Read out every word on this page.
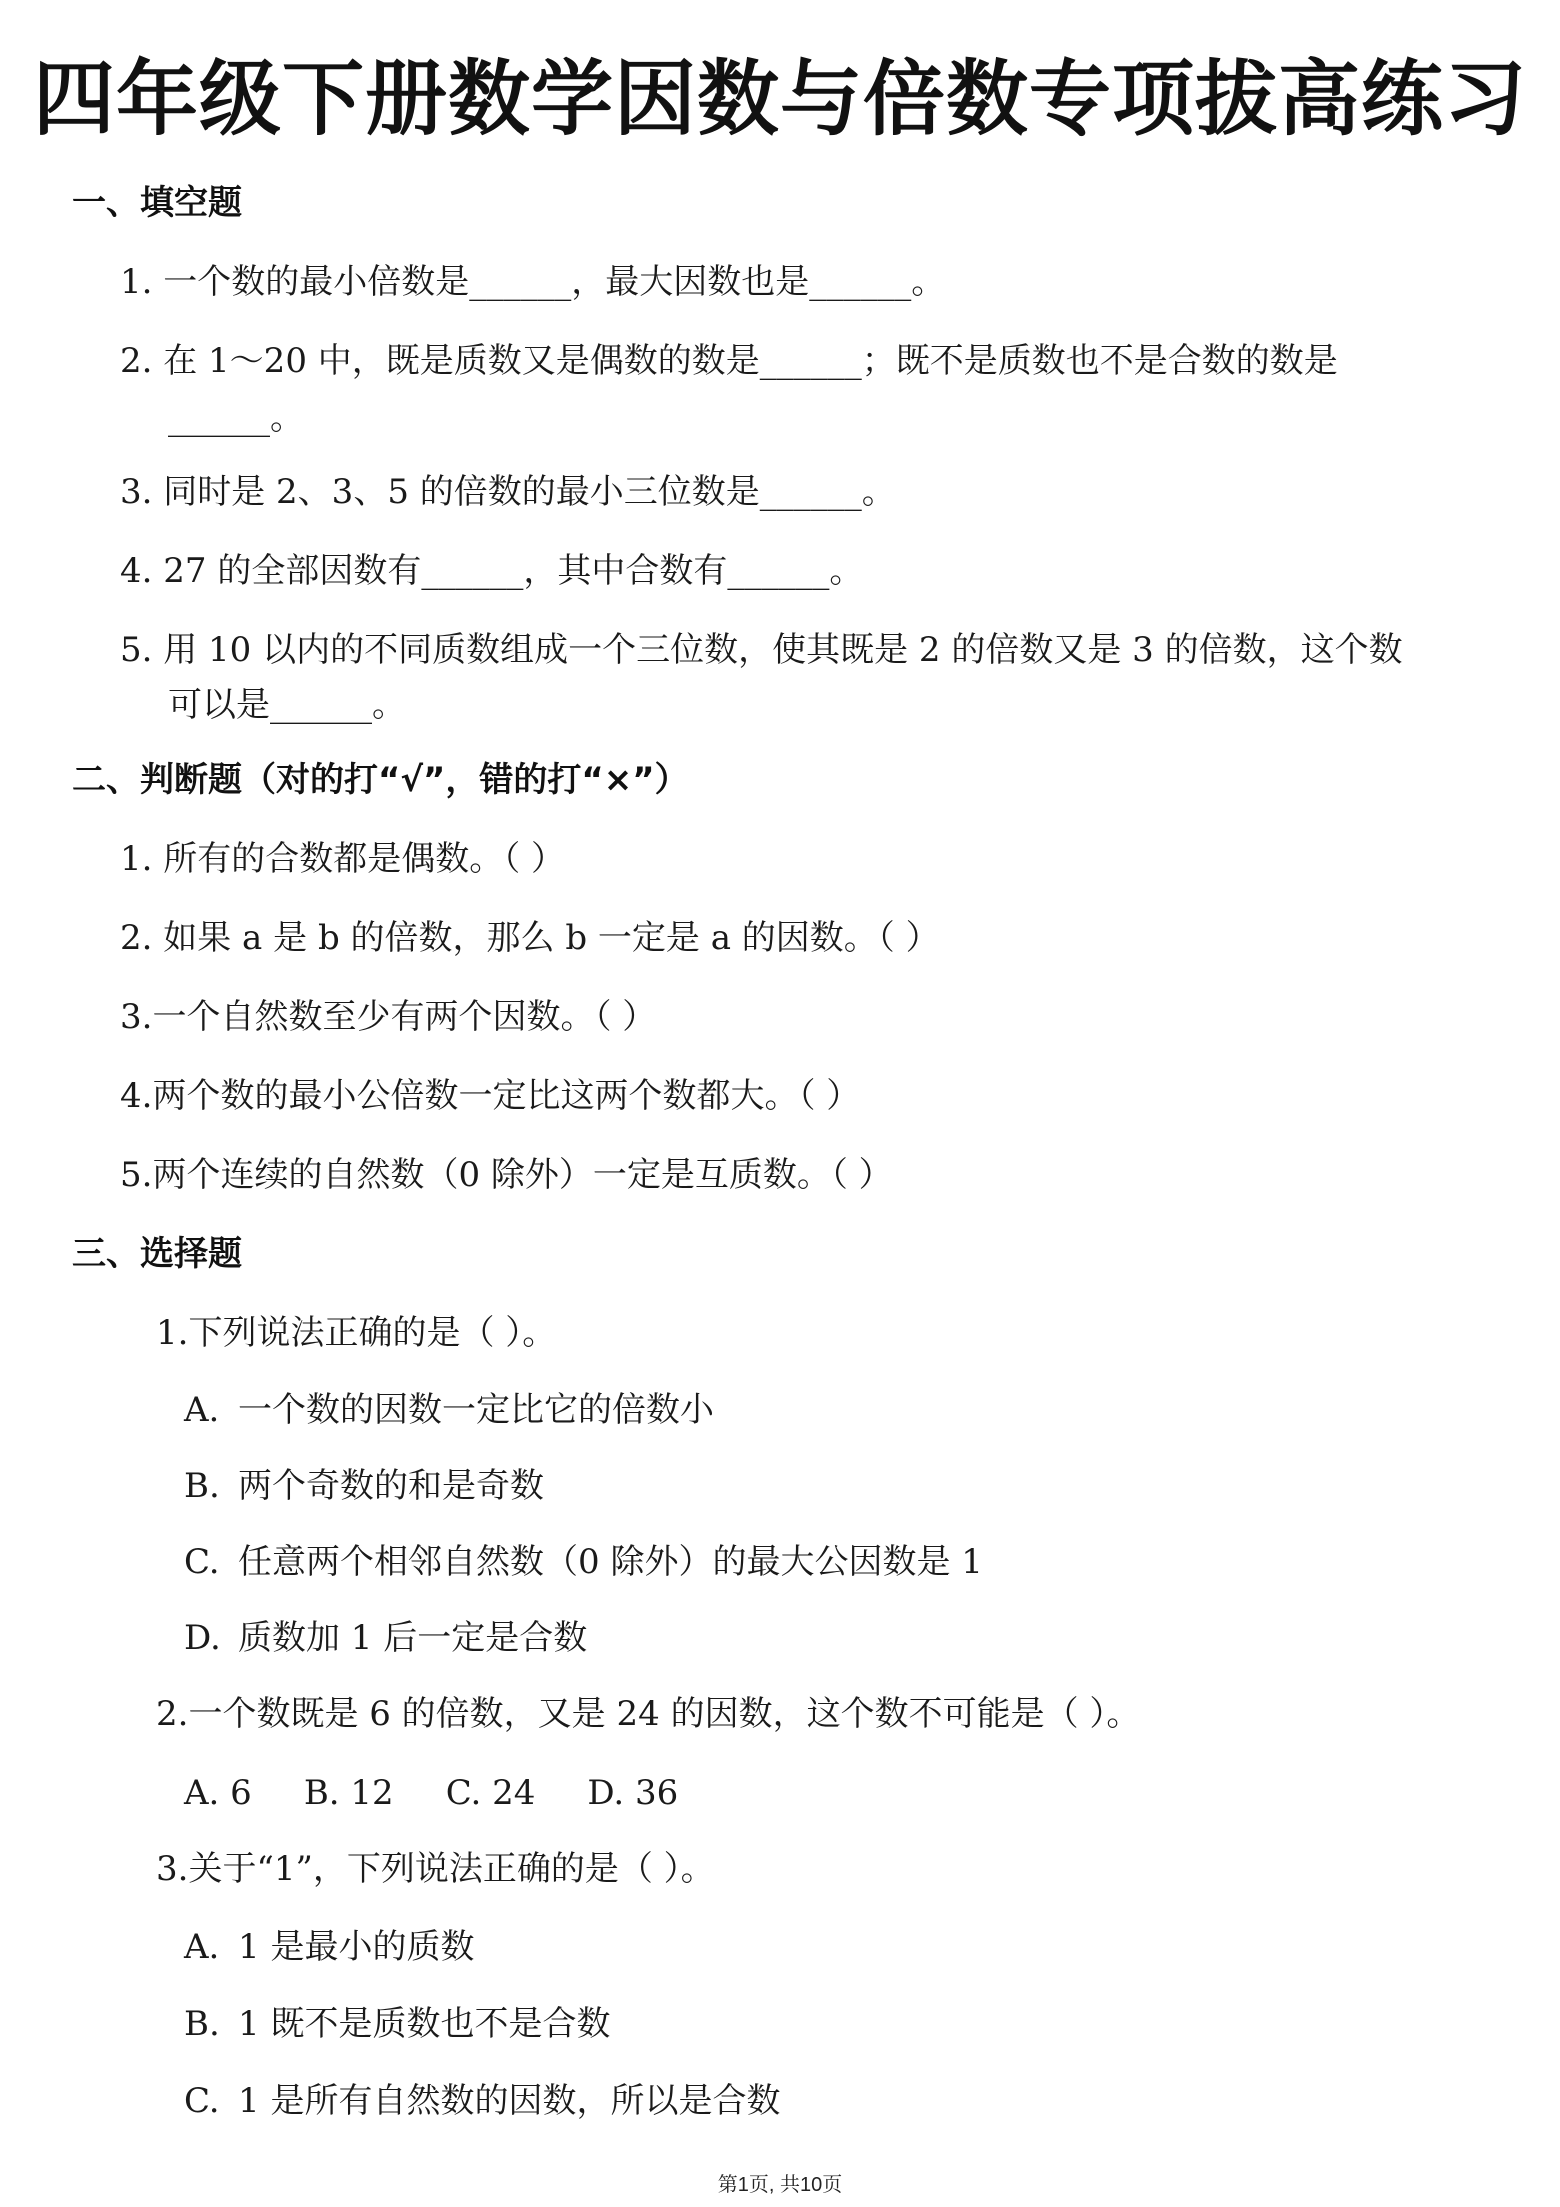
四年级下册数学因数与倍数专项拔高练习
一、填空题
1. 一个数的最小倍数是______，最大因数也是______。
2. 在 1～20 中，既是质数又是偶数的数是______；既不是质数也不是合数的数是
______。
3. 同时是 2、3、5 的倍数的最小三位数是______。
4. 27 的全部因数有______，其中合数有______。
5. 用 10 以内的不同质数组成一个三位数，使其既是 2 的倍数又是 3 的倍数，这个数
可以是______。
二、判断题（对的打“√”，错的打“×”）
1. 所有的合数都是偶数。（ ）
2. 如果 a 是 b 的倍数，那么 b 一定是 a 的因数。（ ）
3.一个自然数至少有两个因数。（ ）
4.两个数的最小公倍数一定比这两个数都大。（ ）
5.两个连续的自然数（0 除外）一定是互质数。（ ）
三、选择题
1.下列说法正确的是（ ）。
A. 一个数的因数一定比它的倍数小
B. 两个奇数的和是奇数
C. 任意两个相邻自然数（0 除外）的最大公因数是 1
D. 质数加 1 后一定是合数
2.一个数既是 6 的倍数，又是 24 的因数，这个数不可能是（ ）。
A. 6 B. 12 C. 24 D. 36
3.关于“1”，下列说法正确的是（ ）。
A. 1 是最小的质数
B. 1 既不是质数也不是合数
C. 1 是所有自然数的因数，所以是合数
第1页, 共10页
